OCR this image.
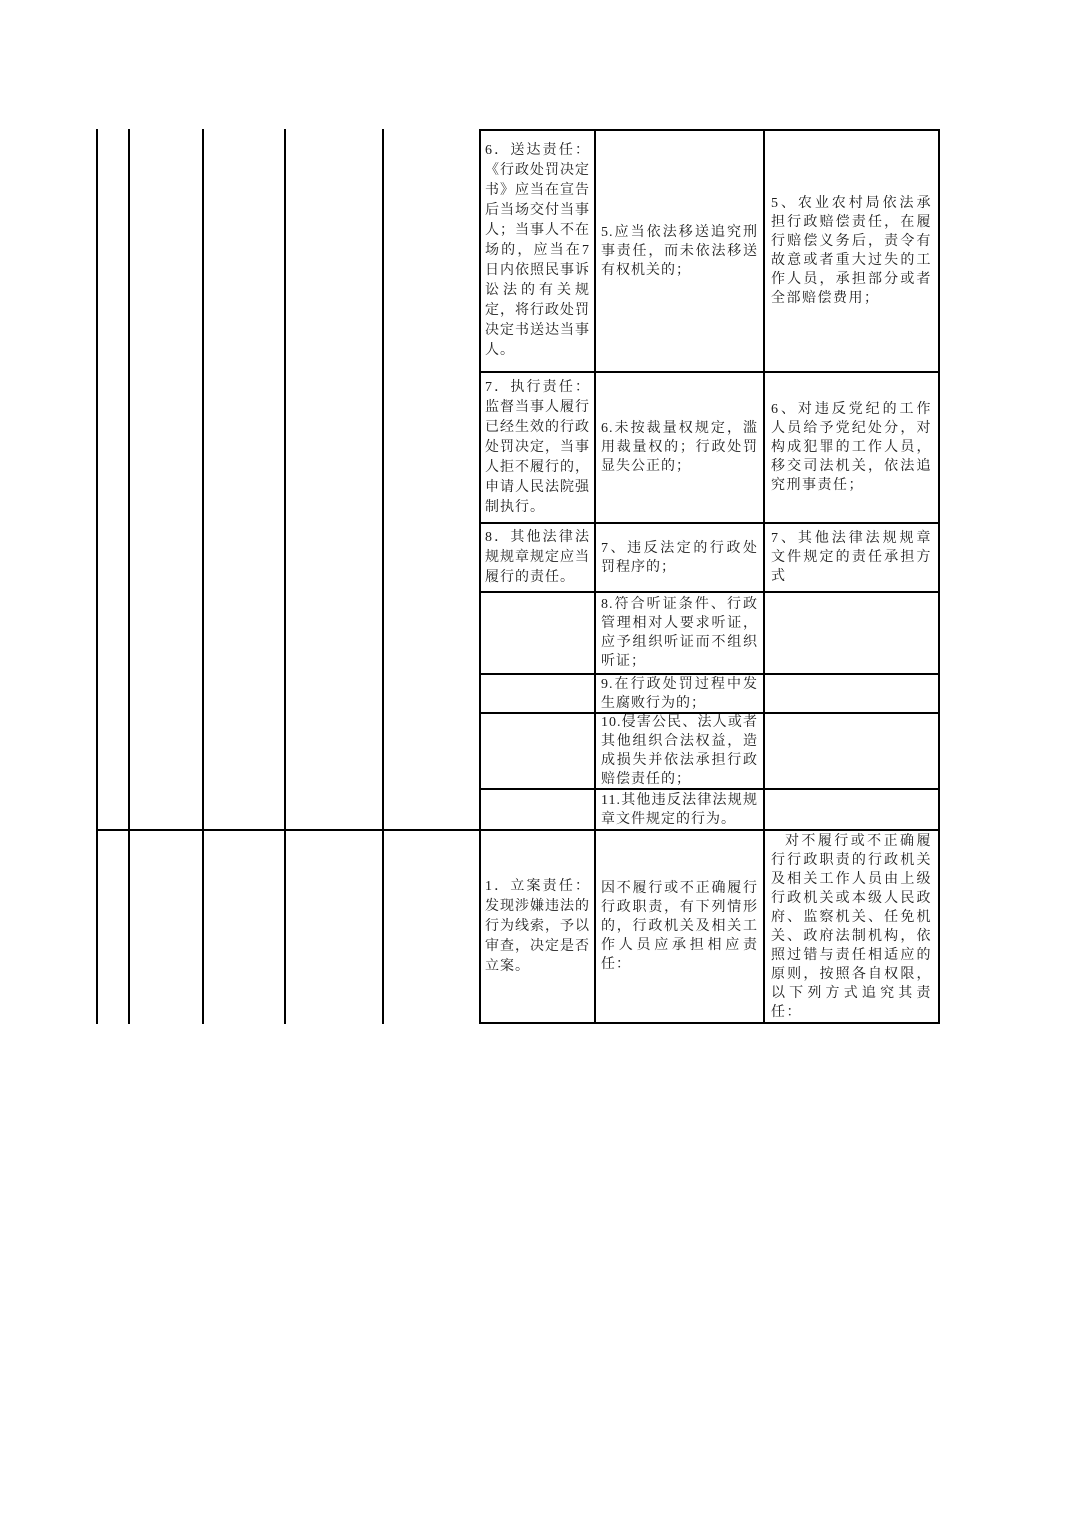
6．送达责任：《行政处罚决定书》应当在宣告后当场交付当事人；当事人不在场的，应当在7日内依照民事诉讼法的有关规定，将行政处罚决定书送达当事人。
5.应当依法移送追究刑事责任，而未依法移送有权机关的；
5、农业农村局依法承担行政赔偿责任，在履行赔偿义务后，责令有故意或者重大过失的工作人员，承担部分或者全部赔偿费用；
7．执行责任：监督当事人履行已经生效的行政处罚决定，当事人拒不履行的，申请人民法院强制执行。
6.未按裁量权规定，滥用裁量权的；行政处罚显失公正的；
6、对违反党纪的工作人员给予党纪处分，对构成犯罪的工作人员，移交司法机关，依法追究刑事责任；
8．其他法律法规规章规定应当履行的责任。
7、违反法定的行政处罚程序的；
7、其他法律法规规章文件规定的责任承担方式
8.符合听证条件、行政管理相对人要求听证，应予组织听证而不组织听证；
9.在行政处罚过程中发生腐败行为的；
10.侵害公民、法人或者其他组织合法权益，造成损失并依法承担行政赔偿责任的；
11.其他违反法律法规规章文件规定的行为。
1．立案责任：发现涉嫌违法的行为线索，予以审查，决定是否立案。
因不履行或不正确履行行政职责，有下列情形的，行政机关及相关工作人员应承担相应责任：
对不履行或不正确履行行政职责的行政机关及相关工作人员由上级行政机关或本级人民政府、监察机关、任免机关、政府法制机构，依照过错与责任相适应的原则，按照各自权限，以下列方式追究其责任：
